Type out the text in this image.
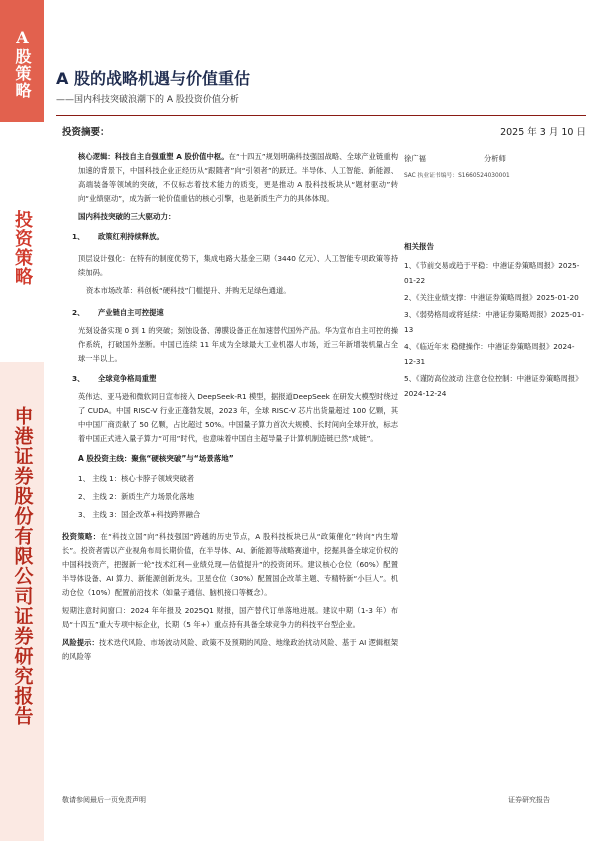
A股策略
投资策略
申港证券股份有限公司证券研究报告
A 股的战略机遇与价值重估
——国内科技突破浪潮下的 A 股投资价值分析
投资摘要：
核心逻辑：科技自主自强重塑 A 股价值中枢。在“十四五”规划明确科技强国战略、全球产业链重构加速的背景下，中国科技企业正经历从“跟随者”向“引领者”的跃迁。半导体、人工智能、新能源、高端装备等领域的突破，不仅标志着技术能力的质变，更是推动 A 股科技板块从“题材驱动”转向“业绩驱动”，成为新一轮价值重估的核心引擎，也是新质生产力的具体体现。
国内科技突破的三大驱动力：
1、	政策红利持续释放。
顶层设计强化：在特有的制度优势下，集成电路大基金三期（3440 亿元）、人工智能专项政策等持续加码。
资本市场改革：科创板“硬科技”门槛提升、并购无足绿色通道。
2、	产业链自主可控提速
光刻设备实现 0 到 1 的突破；刻蚀设备、薄膜设备正在加速替代国外产品。华为宣布自主可控的操作系统，打破国外垄断。中国已连续 11 年成为全球最大工业机器人市场，近三年新增装机量占全球一半以上。
3、	全球竞争格局重塑
英伟达、亚马逊和微软同日宣布接入 DeepSeek-R1 模型，据报道DeepSeek 在研发大模型时绕过了 CUDA。中国 RISC-V 行业正蓬勃发展，2023 年，全球 RISC-V 芯片出货量超过 100 亿颗，其中中国厂商贡献了 50 亿颗，占比超过 50%。中国量子算力首次大规模、长时间向全球开放，标志着中国正式进入量子算力“可用”时代，也意味着中国自主超导量子计算机制造链已然“成链”。
A 股投资主线：聚焦“硬核突破”与“场景落地”
1、 主线 1：核心卡脖子领域突破者
2、 主线 2：新质生产力场景化落地
3、 主线 3：国企改革+科技跨界融合
投资策略：在“科技立国”向“科技强国”跨越的历史节点，A 股科技板块已从“政策催化”转向“内生增长”。投资者需以产业视角布局长期价值，在半导体、AI、新能源等战略赛道中，挖掘具备全球定价权的中国科技资产，把握新一轮“技术红利—业绩兑现—估值提升”的投资闭环。建议核心仓位（60%）配置半导体设备、AI 算力、新能源创新龙头。卫星仓位（30%）配置国企改革主题、专精特新“小巨人”。机动仓位（10%）配置前沿技术（如量子通信、脑机接口等概念）。
短期注意时间窗口：2024 年年报及 2025Q1 财报，国产替代订单落地进展。建议中期（1-3 年）布局“十四五”重大专项中标企业，长期（5 年+）重点持有具备全球竞争力的科技平台型企业。
风险提示：技术迭代风险、市场波动风险、政策不及预期的风险、地缘政治扰动风险、基于 AI 逻辑框架的风险等
2025 年 3 月 10 日
徐广福	分析师
SAC 执业证书编号：S1660524030001
相关报告
1、《节前交易或趋于平稳：中港证券策略周报》2025-01-22
2、《关注业绩支撑：中港证券策略周报》2025-01-20
3、《弱势格局或将延续：中港证券策略周报》2025-01-13
4、《临近年末 稳健操作：中港证券策略周报》2024-12-31
5、《谨防高位波动 注意仓位控制：中港证券策略周报》2024-12-24
敬请参阅最后一页免责声明	证券研究报告
